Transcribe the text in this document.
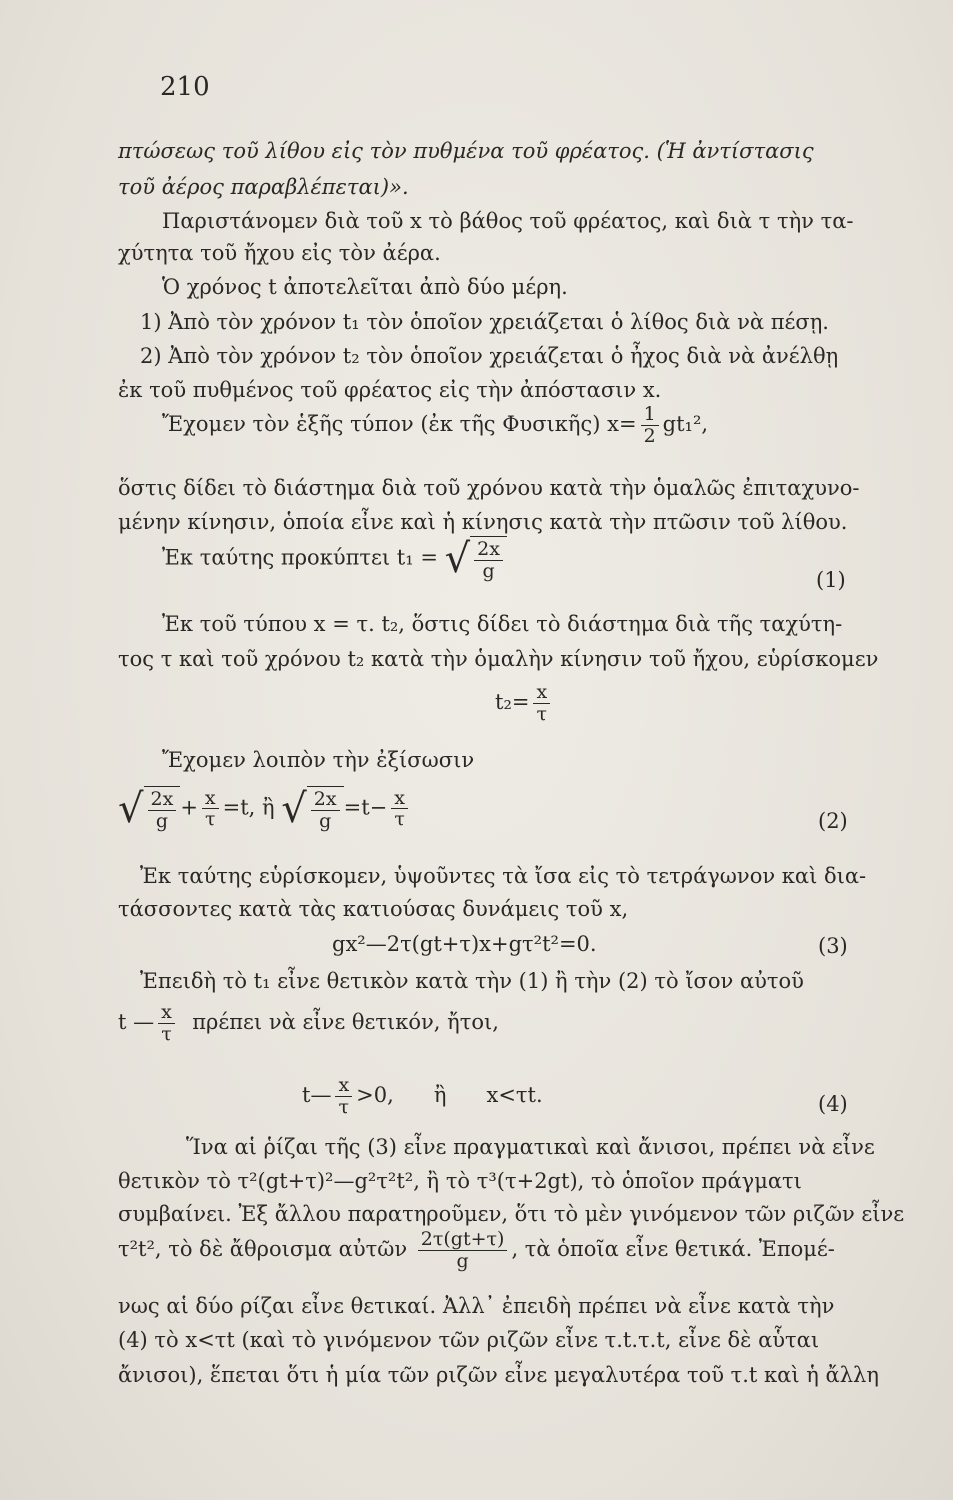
210
πτώσεως τοῦ λίθου εἰς τὸν πυθμένα τοῦ φρέατος. (Ἡ ἀντίστασις
τοῦ ἀέρος παραβλέπεται)».
Παριστάνομεν διὰ τοῦ x τὸ βάθος τοῦ φρέατος, καὶ διὰ τ τὴν τα-
χύτητα τοῦ ἤχου εἰς τὸν ἀέρα.
Ὁ χρόνος t ἀποτελεῖται ἀπὸ δύο μέρη.
1) Ἀπὸ τὸν χρόνον t₁ τὸν ὁποῖον χρειάζεται ὁ λίθος διὰ νὰ πέσῃ.
2) Ἀπὸ τὸν χρόνον t₂ τὸν ὁποῖον χρειάζεται ὁ ἦχος διὰ νὰ ἀνέλθῃ
ἐκ τοῦ πυθμένος τοῦ φρέατος εἰς τὴν ἀπόστασιν x.
Ἔχομεν τὸν ἑξῆς τύπον (ἐκ τῆς Φυσικῆς) $x= \frac{1}{2} gt_1^2$,
ὅστις δίδει τὸ διάστημα διὰ τοῦ χρόνου κατὰ τὴν ὁμαλῶς ἐπιταχυνο-
μένην κίνησιν, ὁποία εἶνε καὶ ἡ κίνησις κατὰ τὴν πτῶσιν τοῦ λίθου.
Ἐκ ταύτης προκύπτει t₁ = √ $\frac{2x}{g}$	(1)
Ἐκ τοῦ τύπου x = τ. t₂, ὅστις δίδει τὸ διάστημα διὰ τῆς ταχύτη-
τος τ καὶ τοῦ χρόνου t₂ κατὰ τὴν ὁμαλὴν κίνησιν τοῦ ἤχου, εὑρίσκομεν
$t_2= \frac{x}{\tau}$
Ἔχομεν λοιπὸν τὴν ἐξίσωσιν
√ $\frac{2x}{g} + \frac{x}{\tau} =t$, ἢ √ $\frac{2x}{g} =t- \frac{x}{\tau}$	(2)
Ἐκ ταύτης εὑρίσκομεν, ὑψοῦντες τὰ ἴσα εἰς τὸ τετράγωνον καὶ δια-
τάσσοντες κατὰ τὰς κατιούσας δυνάμεις τοῦ x,
gx²—2τ(gt+τ)x+gτ²t²=0.	(3)
Ἐπειδὴ τὸ t₁ εἶνε θετικὸν κατὰ τὴν (1) ἢ τὴν (2) τὸ ἴσον αὐτοῦ
t — $\frac{x}{\tau}$ πρέπει νὰ εἶνε θετικόν, ἤτοι,
t— $\frac{x}{\tau} >0$,      ἢ      x<τt.	(4)
Ἵνα αἱ ῥίζαι τῆς (3) εἶνε πραγματικαὶ καὶ ἄνισοι, πρέπει νὰ εἶνε
θετικὸν τὸ τ²(gt+τ)²—g²τ²t², ἢ τὸ τ³(τ+2gt), τὸ ὁποῖον πράγματι
συμβαίνει. Ἐξ ἄλλου παρατηροῦμεν, ὅτι τὸ μὲν γινόμενον τῶν ριζῶν εἶνε
τ²t², τὸ δὲ ἄθροισμα αὐτῶν $\frac{2\tau(gt+\tau)}{g}$ , τὰ ὁποῖα εἶνε θετικά. Ἐπομέ-
νως αἱ δύο ρίζαι εἶνε θετικαί. Ἀλλ᾽ ἐπειδὴ πρέπει νὰ εἶνε κατὰ τὴν
(4) τὸ x<τt (καὶ τὸ γινόμενον τῶν ριζῶν εἶνε τ.t.τ.t, εἶνε δὲ αὗται
ἄνισοι), ἕπεται ὅτι ἡ μία τῶν ριζῶν εἶνε μεγαλυτέρα τοῦ τ.t καὶ ἡ ἄλλη
